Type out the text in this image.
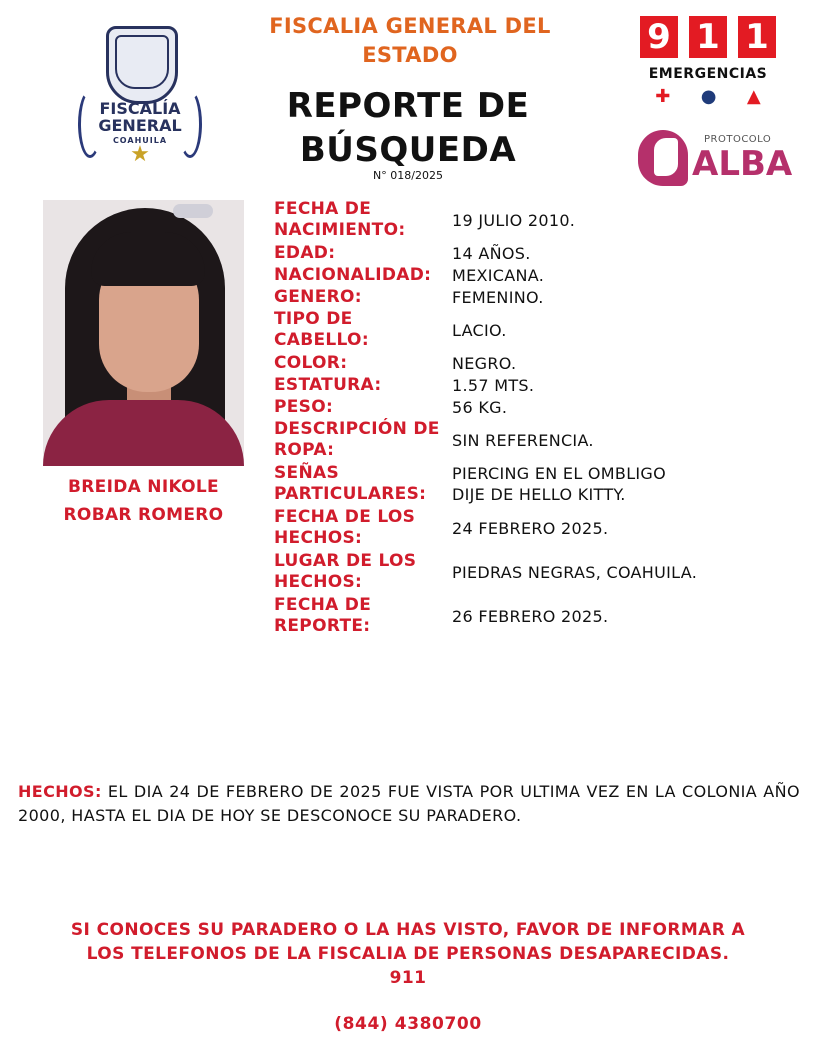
FISCALIA GENERAL DEL
ESTADO
REPORTE DE
BÚSQUEDA
N° 018/2025
FISCALÍA
GENERAL
COAHUILA
★
9 1 1
EMERGENCIAS
✚ ● ▲
PROTOCOLO
ALBA
BREIDA NIKOLE
ROBAR ROMERO
FECHA DE
NACIMIENTO:	19 JULIO 2010.
EDAD:	14 AÑOS.
NACIONALIDAD:	MEXICANA.
GENERO:	FEMENINO.
TIPO DE
CABELLO:	LACIO.
COLOR:	NEGRO.
ESTATURA:	1.57 MTS.
PESO:	56 KG.
DESCRIPCIÓN DE
ROPA:	SIN REFERENCIA.
SEÑAS
PARTICULARES:
PIERCING EN EL OMBLIGO
DIJE DE HELLO KITTY.
FECHA DE LOS
HECHOS:	24 FEBRERO 2025.
LUGAR DE LOS
HECHOS:	PIEDRAS NEGRAS, COAHUILA.
FECHA DE
REPORTE:	26 FEBRERO 2025.
HECHOS: EL DIA 24 DE FEBRERO DE 2025 FUE VISTA POR ULTIMA VEZ EN LA COLONIA AÑO 2000, HASTA EL DIA DE HOY SE DESCONOCE SU PARADERO.
SI CONOCES SU PARADERO O LA HAS VISTO, FAVOR DE INFORMAR A
LOS TELEFONOS DE LA FISCALIA DE PERSONAS DESAPARECIDAS.
911
(844) 4380700
